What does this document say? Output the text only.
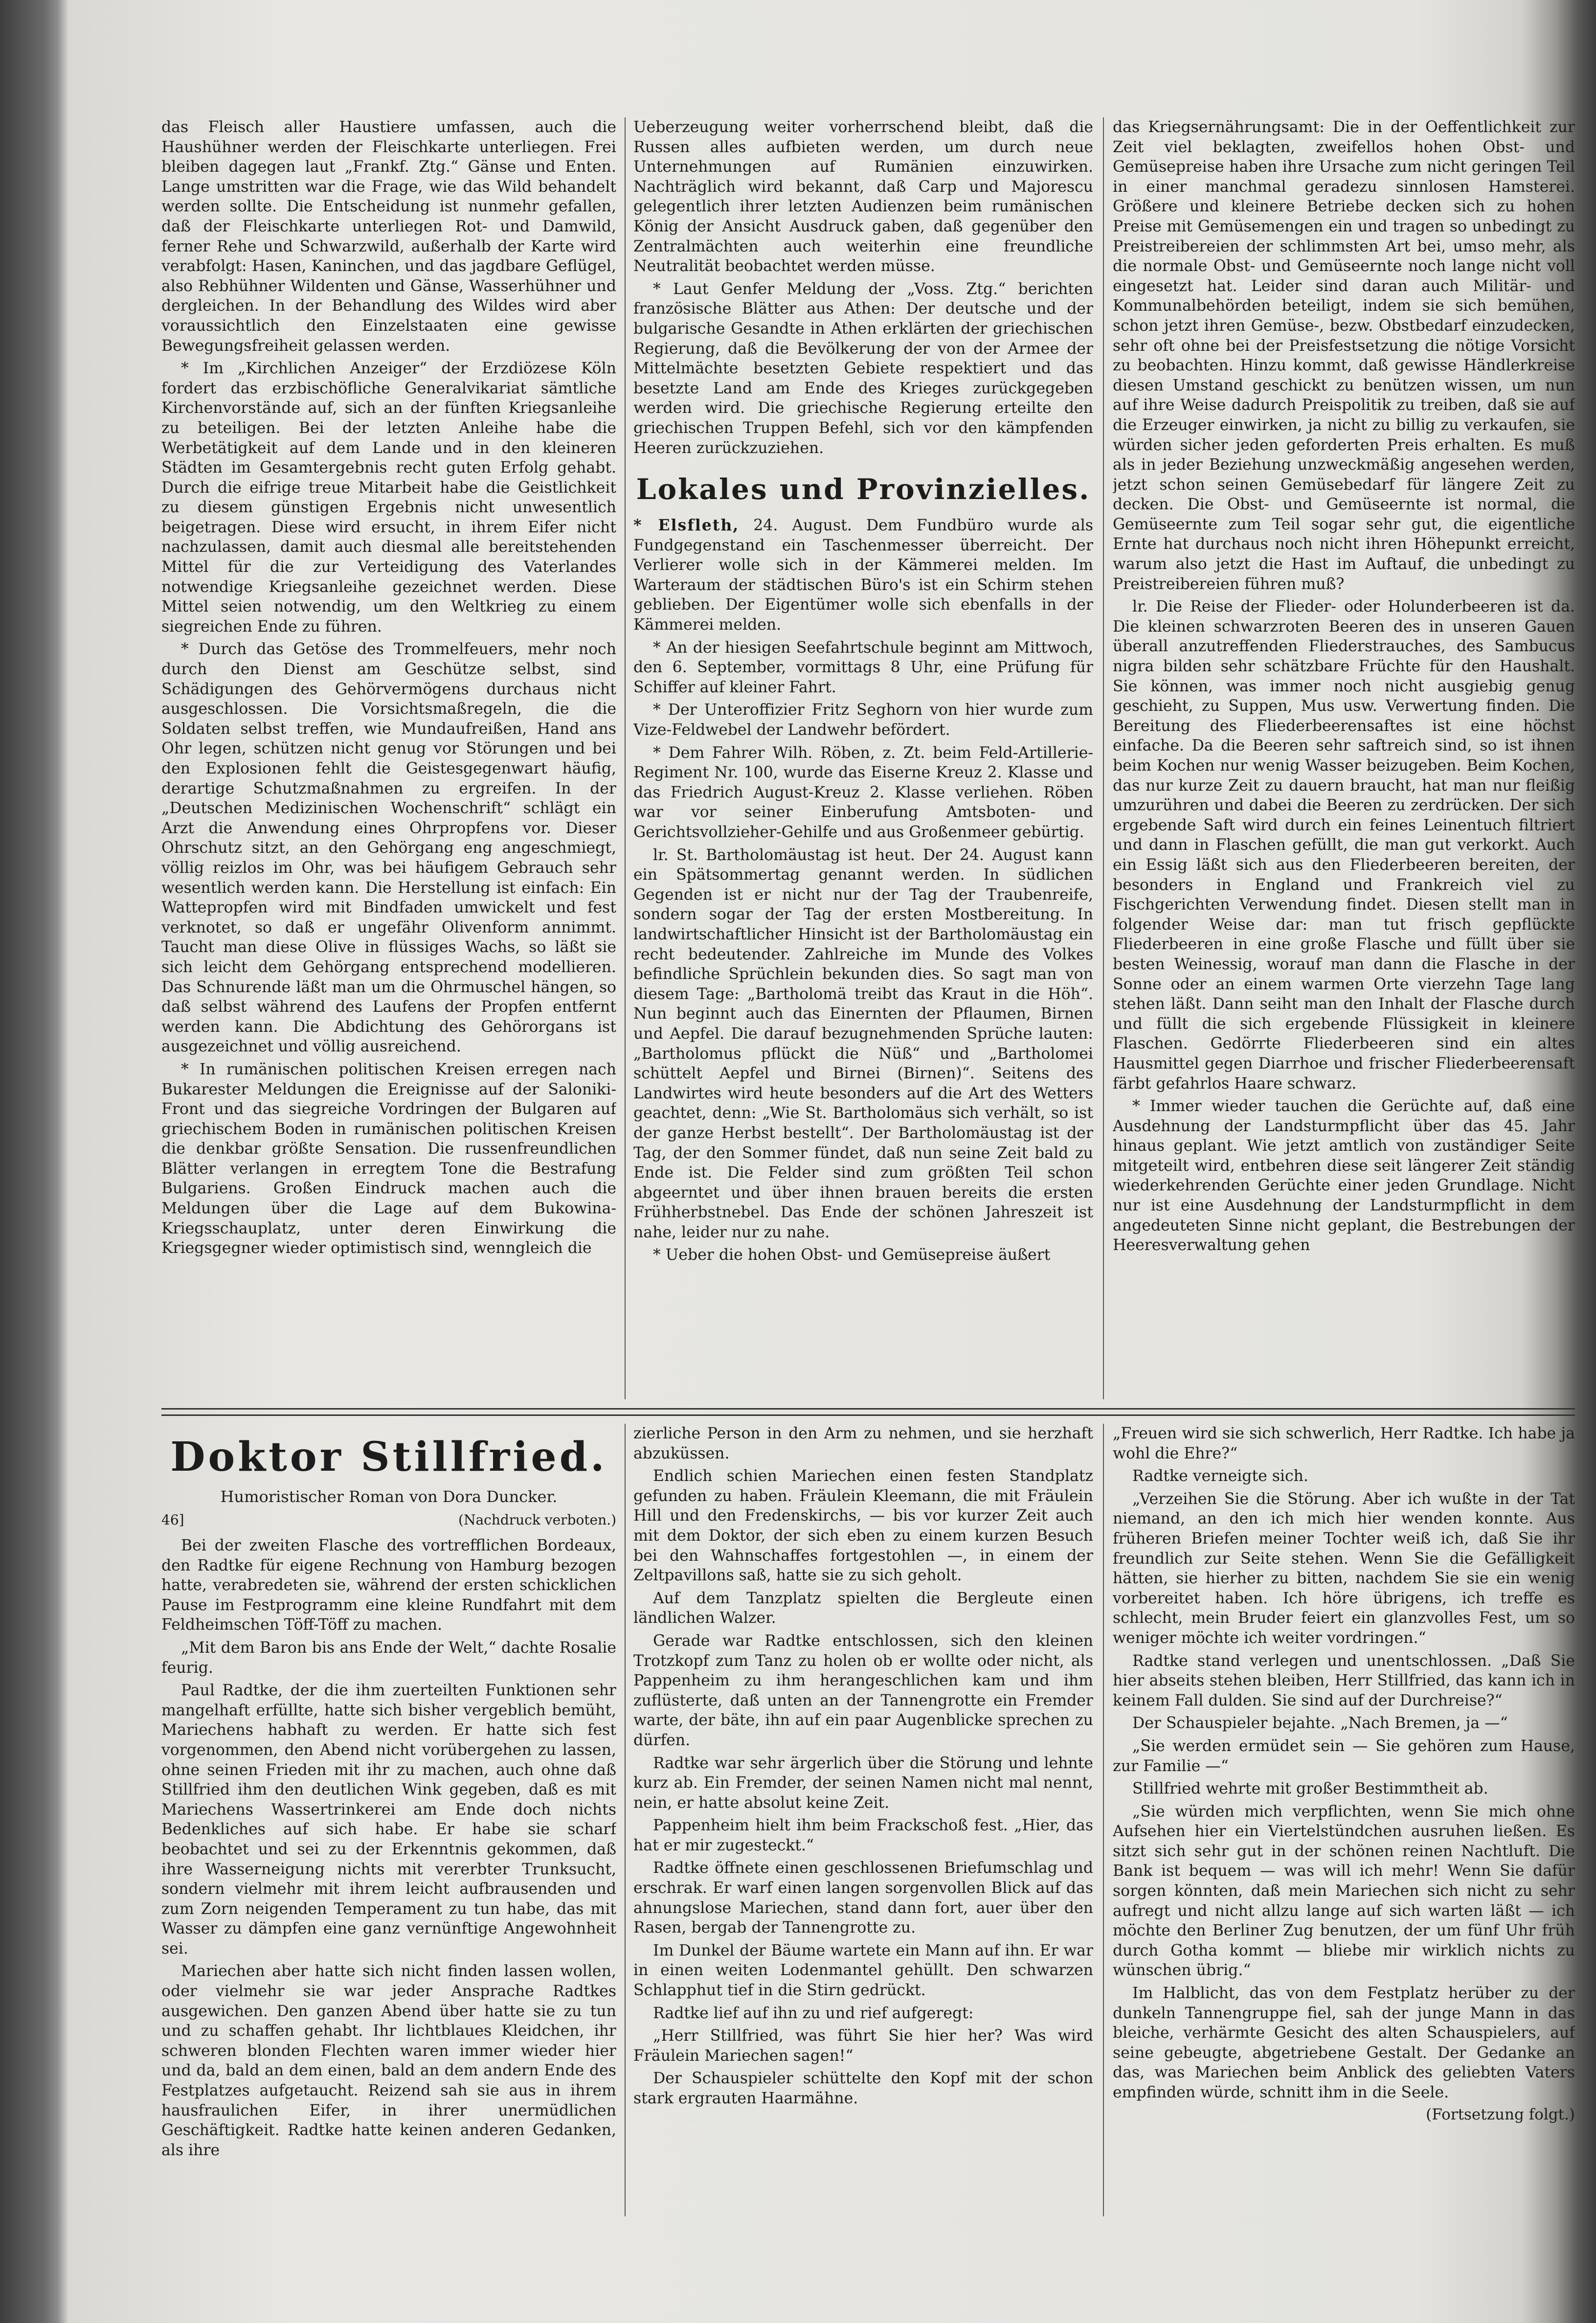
das Fleisch aller Haustiere umfassen, auch die Haushühner werden der Fleischkarte unterliegen. Frei bleiben dagegen laut „Frankf. Ztg.“ Gänse und Enten. Lange umstritten war die Frage, wie das Wild behandelt werden sollte. Die Entscheidung ist nunmehr gefallen, daß der Fleischkarte unterliegen Rot- und Damwild, ferner Rehe und Schwarzwild, außerhalb der Karte wird verabfolgt: Hasen, Kaninchen, und das jagdbare Geflügel, also Rebhühner Wildenten und Gänse, Wasserhühner und dergleichen. In der Behandlung des Wildes wird aber voraussichtlich den Einzelstaaten eine gewisse Bewegungsfreiheit gelassen werden.

* Im „Kirchlichen Anzeiger“ der Erzdiözese Köln fordert das erzbischöfliche Generalvikariat sämtliche Kirchenvorstände auf, sich an der fünften Kriegsanleihe zu beteiligen. Bei der letzten Anleihe habe die Werbetätigkeit auf dem Lande und in den kleineren Städten im Gesamtergebnis recht guten Erfolg gehabt. Durch die eifrige treue Mitarbeit habe die Geistlichkeit zu diesem günstigen Ergebnis nicht unwesentlich beigetragen. Diese wird ersucht, in ihrem Eifer nicht nachzulassen, damit auch diesmal alle bereitstehenden Mittel für die zur Verteidigung des Vaterlandes notwendige Kriegsanleihe gezeichnet werden. Diese Mittel seien notwendig, um den Weltkrieg zu einem siegreichen Ende zu führen.

* Durch das Getöse des Trommelfeuers, mehr noch durch den Dienst am Geschütze selbst, sind Schädigungen des Gehörvermögens durchaus nicht ausgeschlossen. Die Vorsichtsmaßregeln, die die Soldaten selbst treffen, wie Mundaufreißen, Hand ans Ohr legen, schützen nicht genug vor Störungen und bei den Explosionen fehlt die Geistesgegenwart häufig, derartige Schutzmaßnahmen zu ergreifen. In der „Deutschen Medizinischen Wochenschrift“ schlägt ein Arzt die Anwendung eines Ohrpropfens vor. Dieser Ohrschutz sitzt, an den Gehörgang eng angeschmiegt, völlig reizlos im Ohr, was bei häufigem Gebrauch sehr wesentlich werden kann. Die Herstellung ist einfach: Ein Wattepropfen wird mit Bindfaden umwickelt und fest verknotet, so daß er ungefähr Olivenform annimmt. Taucht man diese Olive in flüssiges Wachs, so läßt sie sich leicht dem Gehörgang entsprechend modellieren. Das Schnurende läßt man um die Ohrmuschel hängen, so daß selbst während des Laufens der Propfen entfernt werden kann. Die Abdichtung des Gehörorgans ist ausgezeichnet und völlig ausreichend.

* In rumänischen politischen Kreisen erregen nach Bukarester Meldungen die Ereignisse auf der Saloniki-Front und das siegreiche Vordringen der Bulgaren auf griechischem Boden in rumänischen politischen Kreisen die denkbar größte Sensation. Die russenfreundlichen Blätter verlangen in erregtem Tone die Bestrafung Bulgariens. Großen Eindruck machen auch die Meldungen über die Lage auf dem Bukowina-Kriegsschauplatz, unter deren Einwirkung die Kriegsgegner wieder optimistisch sind, wenngleich die

Ueberzeugung weiter vorherrschend bleibt, daß die Russen alles aufbieten werden, um durch neue Unternehmungen auf Rumänien einzuwirken. Nachträglich wird bekannt, daß Carp und Majorescu gelegentlich ihrer letzten Audienzen beim rumänischen König der Ansicht Ausdruck gaben, daß gegenüber den Zentralmächten auch weiterhin eine freundliche Neutralität beobachtet werden müsse.

* Laut Genfer Meldung der „Voss. Ztg.“ berichten französische Blätter aus Athen: Der deutsche und der bulgarische Gesandte in Athen erklärten der griechischen Regierung, daß die Bevölkerung der von der Armee der Mittelmächte besetzten Gebiete respektiert und das besetzte Land am Ende des Krieges zurückgegeben werden wird. Die griechische Regierung erteilte den griechischen Truppen Befehl, sich vor den kämpfenden Heeren zurückzuziehen.

Lokales und Provinzielles.

* Elsfleth, 24. August. Dem Fundbüro wurde als Fundgegenstand ein Taschenmesser überreicht. Der Verlierer wolle sich in der Kämmerei melden. Im Warteraum der städtischen Büro's ist ein Schirm stehen geblieben. Der Eigentümer wolle sich ebenfalls in der Kämmerei melden.

* An der hiesigen Seefahrtschule beginnt am Mittwoch, den 6. September, vormittags 8 Uhr, eine Prüfung für Schiffer auf kleiner Fahrt.

* Der Unteroffizier Fritz Seghorn von hier wurde zum Vize-Feldwebel der Landwehr befördert.

* Dem Fahrer Wilh. Röben, z. Zt. beim Feld-Artillerie-Regiment Nr. 100, wurde das Eiserne Kreuz 2. Klasse und das Friedrich August-Kreuz 2. Klasse verliehen. Röben war vor seiner Einberufung Amtsboten- und Gerichtsvollzieher-Gehilfe und aus Großenmeer gebürtig.

lr. St. Bartholomäustag ist heut. Der 24. August kann ein Spätsommertag genannt werden. In südlichen Gegenden ist er nicht nur der Tag der Traubenreife, sondern sogar der Tag der ersten Mostbereitung. In landwirtschaftlicher Hinsicht ist der Bartholomäustag ein recht bedeutender. Zahlreiche im Munde des Volkes befindliche Sprüchlein bekunden dies. So sagt man von diesem Tage: „Bartholomä treibt das Kraut in die Höh“. Nun beginnt auch das Einernten der Pflaumen, Birnen und Aepfel. Die darauf bezugnehmenden Sprüche lauten: „Bartholomus pflückt die Nüß“ und „Bartholomei schüttelt Aepfel und Birnei (Birnen)“. Seitens des Landwirtes wird heute besonders auf die Art des Wetters geachtet, denn: „Wie St. Bartholomäus sich verhält, so ist der ganze Herbst bestellt“. Der Bartholomäustag ist der Tag, der den Sommer fündet, daß nun seine Zeit bald zu Ende ist. Die Felder sind zum größten Teil schon abgeerntet und über ihnen brauen bereits die ersten Frühherbstnebel. Das Ende der schönen Jahreszeit ist nahe, leider nur zu nahe.

* Ueber die hohen Obst- und Gemüsepreise äußert

das Kriegsernährungsamt: Die in der Oeffentlichkeit zur Zeit viel beklagten, zweifellos hohen Obst- und Gemüsepreise haben ihre Ursache zum nicht geringen Teil in einer manchmal geradezu sinnlosen Hamsterei. Größere und kleinere Betriebe decken sich zu hohen Preise mit Gemüsemengen ein und tragen so unbedingt zu Preistreibereien der schlimmsten Art bei, umso mehr, als die normale Obst- und Gemüseernte noch lange nicht voll eingesetzt hat. Leider sind daran auch Militär- und Kommunalbehörden beteiligt, indem sie sich bemühen, schon jetzt ihren Gemüse-, bezw. Obstbedarf einzudecken, sehr oft ohne bei der Preisfestsetzung die nötige Vorsicht zu beobachten. Hinzu kommt, daß gewisse Händlerkreise diesen Umstand geschickt zu benützen wissen, um nun auf ihre Weise dadurch Preispolitik zu treiben, daß sie auf die Erzeuger einwirken, ja nicht zu billig zu verkaufen, sie würden sicher jeden geforderten Preis erhalten. Es muß als in jeder Beziehung unzweckmäßig angesehen werden, jetzt schon seinen Gemüsebedarf für längere Zeit zu decken. Die Obst- und Gemüseernte ist normal, die Gemüseernte zum Teil sogar sehr gut, die eigentliche Ernte hat durchaus noch nicht ihren Höhepunkt erreicht, warum also jetzt die Hast im Auftauf, die unbedingt zu Preistreibereien führen muß?

lr. Die Reise der Flieder- oder Holunderbeeren ist da. Die kleinen schwarzroten Beeren des in unseren Gauen überall anzutreffenden Fliederstrauches, des Sambucus nigra bilden sehr schätzbare Früchte für den Haushalt. Sie können, was immer noch nicht ausgiebig genug geschieht, zu Suppen, Mus usw. Verwertung finden. Die Bereitung des Fliederbeerensaftes ist eine höchst einfache. Da die Beeren sehr saftreich sind, so ist ihnen beim Kochen nur wenig Wasser beizugeben. Beim Kochen, das nur kurze Zeit zu dauern braucht, hat man nur fleißig umzurühren und dabei die Beeren zu zerdrücken. Der sich ergebende Saft wird durch ein feines Leinentuch filtriert und dann in Flaschen gefüllt, die man gut verkorkt. Auch ein Essig läßt sich aus den Fliederbeeren bereiten, der besonders in England und Frankreich viel zu Fischgerichten Verwendung findet. Diesen stellt man in folgender Weise dar: man tut frisch gepflückte Fliederbeeren in eine große Flasche und füllt über sie besten Weinessig, worauf man dann die Flasche in der Sonne oder an einem warmen Orte vierzehn Tage lang stehen läßt. Dann seiht man den Inhalt der Flasche durch und füllt die sich ergebende Flüssigkeit in kleinere Flaschen. Gedörrte Fliederbeeren sind ein altes Hausmittel gegen Diarrhoe und frischer Fliederbeerensaft färbt gefahrlos Haare schwarz.

* Immer wieder tauchen die Gerüchte auf, daß eine Ausdehnung der Landsturmpflicht über das 45. Jahr hinaus geplant. Wie jetzt amtlich von zuständiger Seite mitgeteilt wird, entbehren diese seit längerer Zeit ständig wiederkehrenden Gerüchte einer jeden Grundlage. Nicht nur ist eine Ausdehnung der Landsturmpflicht in dem angedeuteten Sinne nicht geplant, die Bestrebungen der Heeresverwaltung gehen

Doktor Stillfried.
Humoristischer Roman von Dora Duncker.
46]	(Nachdruck verboten.)

Bei der zweiten Flasche des vortrefflichen Bordeaux, den Radtke für eigene Rechnung von Hamburg bezogen hatte, verabredeten sie, während der ersten schicklichen Pause im Festprogramm eine kleine Rundfahrt mit dem Feldheimschen Töff-Töff zu machen.

„Mit dem Baron bis ans Ende der Welt,“ dachte Rosalie feurig.

Paul Radtke, der die ihm zuerteilten Funktionen sehr mangelhaft erfüllte, hatte sich bisher vergeblich bemüht, Mariechens habhaft zu werden. Er hatte sich fest vorgenommen, den Abend nicht vorübergehen zu lassen, ohne seinen Frieden mit ihr zu machen, auch ohne daß Stillfried ihm den deutlichen Wink gegeben, daß es mit Mariechens Wassertrinkerei am Ende doch nichts Bedenkliches auf sich habe. Er habe sie scharf beobachtet und sei zu der Erkenntnis gekommen, daß ihre Wasserneigung nichts mit vererbter Trunksucht, sondern vielmehr mit ihrem leicht aufbrausenden und zum Zorn neigenden Temperament zu tun habe, das mit Wasser zu dämpfen eine ganz vernünftige Angewohnheit sei.

Mariechen aber hatte sich nicht finden lassen wollen, oder vielmehr sie war jeder Ansprache Radtkes ausgewichen. Den ganzen Abend über hatte sie zu tun und zu schaffen gehabt. Ihr lichtblaues Kleidchen, ihr schweren blonden Flechten waren immer wieder hier und da, bald an dem einen, bald an dem andern Ende des Festplatzes aufgetaucht. Reizend sah sie aus in ihrem hausfraulichen Eifer, in ihrer unermüdlichen Geschäftigkeit. Radtke hatte keinen anderen Gedanken, als ihre

zierliche Person in den Arm zu nehmen, und sie herzhaft abzuküssen.

Endlich schien Mariechen einen festen Standplatz gefunden zu haben. Fräulein Kleemann, die mit Fräulein Hill und den Fredenskirchs, — bis vor kurzer Zeit auch mit dem Doktor, der sich eben zu einem kurzen Besuch bei den Wahnschaffes fortgestohlen —, in einem der Zeltpavillons saß, hatte sie zu sich geholt.

Auf dem Tanzplatz spielten die Bergleute einen ländlichen Walzer.

Gerade war Radtke entschlossen, sich den kleinen Trotzkopf zum Tanz zu holen ob er wollte oder nicht, als Pappenheim zu ihm herangeschlichen kam und ihm zuflüsterte, daß unten an der Tannengrotte ein Fremder warte, der bäte, ihn auf ein paar Augenblicke sprechen zu dürfen.

Radtke war sehr ärgerlich über die Störung und lehnte kurz ab. Ein Fremder, der seinen Namen nicht mal nennt, nein, er hatte absolut keine Zeit.

Pappenheim hielt ihm beim Frackschoß fest. „Hier, das hat er mir zugesteckt.“

Radtke öffnete einen geschlossenen Briefumschlag und erschrak. Er warf einen langen sorgenvollen Blick auf das ahnungslose Mariechen, stand dann fort, auer über den Rasen, bergab der Tannengrotte zu.

Im Dunkel der Bäume wartete ein Mann auf ihn. Er war in einen weiten Lodenmantel gehüllt. Den schwarzen Schlapphut tief in die Stirn gedrückt.

Radtke lief auf ihn zu und rief aufgeregt:

„Herr Stillfried, was führt Sie hier her? Was wird Fräulein Mariechen sagen!“

Der Schauspieler schüttelte den Kopf mit der schon stark ergrauten Haarmähne.

„Freuen wird sie sich schwerlich, Herr Radtke. Ich habe ja wohl die Ehre?“

Radtke verneigte sich.

„Verzeihen Sie die Störung. Aber ich wußte in der Tat niemand, an den ich mich hier wenden konnte. Aus früheren Briefen meiner Tochter weiß ich, daß Sie ihr freundlich zur Seite stehen. Wenn Sie die Gefälligkeit hätten, sie hierher zu bitten, nachdem Sie sie ein wenig vorbereitet haben. Ich höre übrigens, ich treffe es schlecht, mein Bruder feiert ein glanzvolles Fest, um so weniger möchte ich weiter vordringen.“

Radtke stand verlegen und unentschlossen. „Daß Sie hier abseits stehen bleiben, Herr Stillfried, das kann ich in keinem Fall dulden. Sie sind auf der Durchreise?“

Der Schauspieler bejahte. „Nach Bremen, ja —“

„Sie werden ermüdet sein — Sie gehören zum Hause, zur Familie —“

Stillfried wehrte mit großer Bestimmtheit ab.

„Sie würden mich verpflichten, wenn Sie mich ohne Aufsehen hier ein Viertelstündchen ausruhen ließen. Es sitzt sich sehr gut in der schönen reinen Nachtluft. Die Bank ist bequem — was will ich mehr! Wenn Sie dafür sorgen könnten, daß mein Mariechen sich nicht zu sehr aufregt und nicht allzu lange auf sich warten läßt — ich möchte den Berliner Zug benutzen, der um fünf Uhr früh durch Gotha kommt — bliebe mir wirklich nichts zu wünschen übrig.“

Im Halblicht, das von dem Festplatz herüber zu der dunkeln Tannengruppe fiel, sah der junge Mann in das bleiche, verhärmte Gesicht des alten Schauspielers, auf seine gebeugte, abgetriebene Gestalt. Der Gedanke an das, was Mariechen beim Anblick des geliebten Vaters empfinden würde, schnitt ihm in die Seele.

(Fortsetzung folgt.)
